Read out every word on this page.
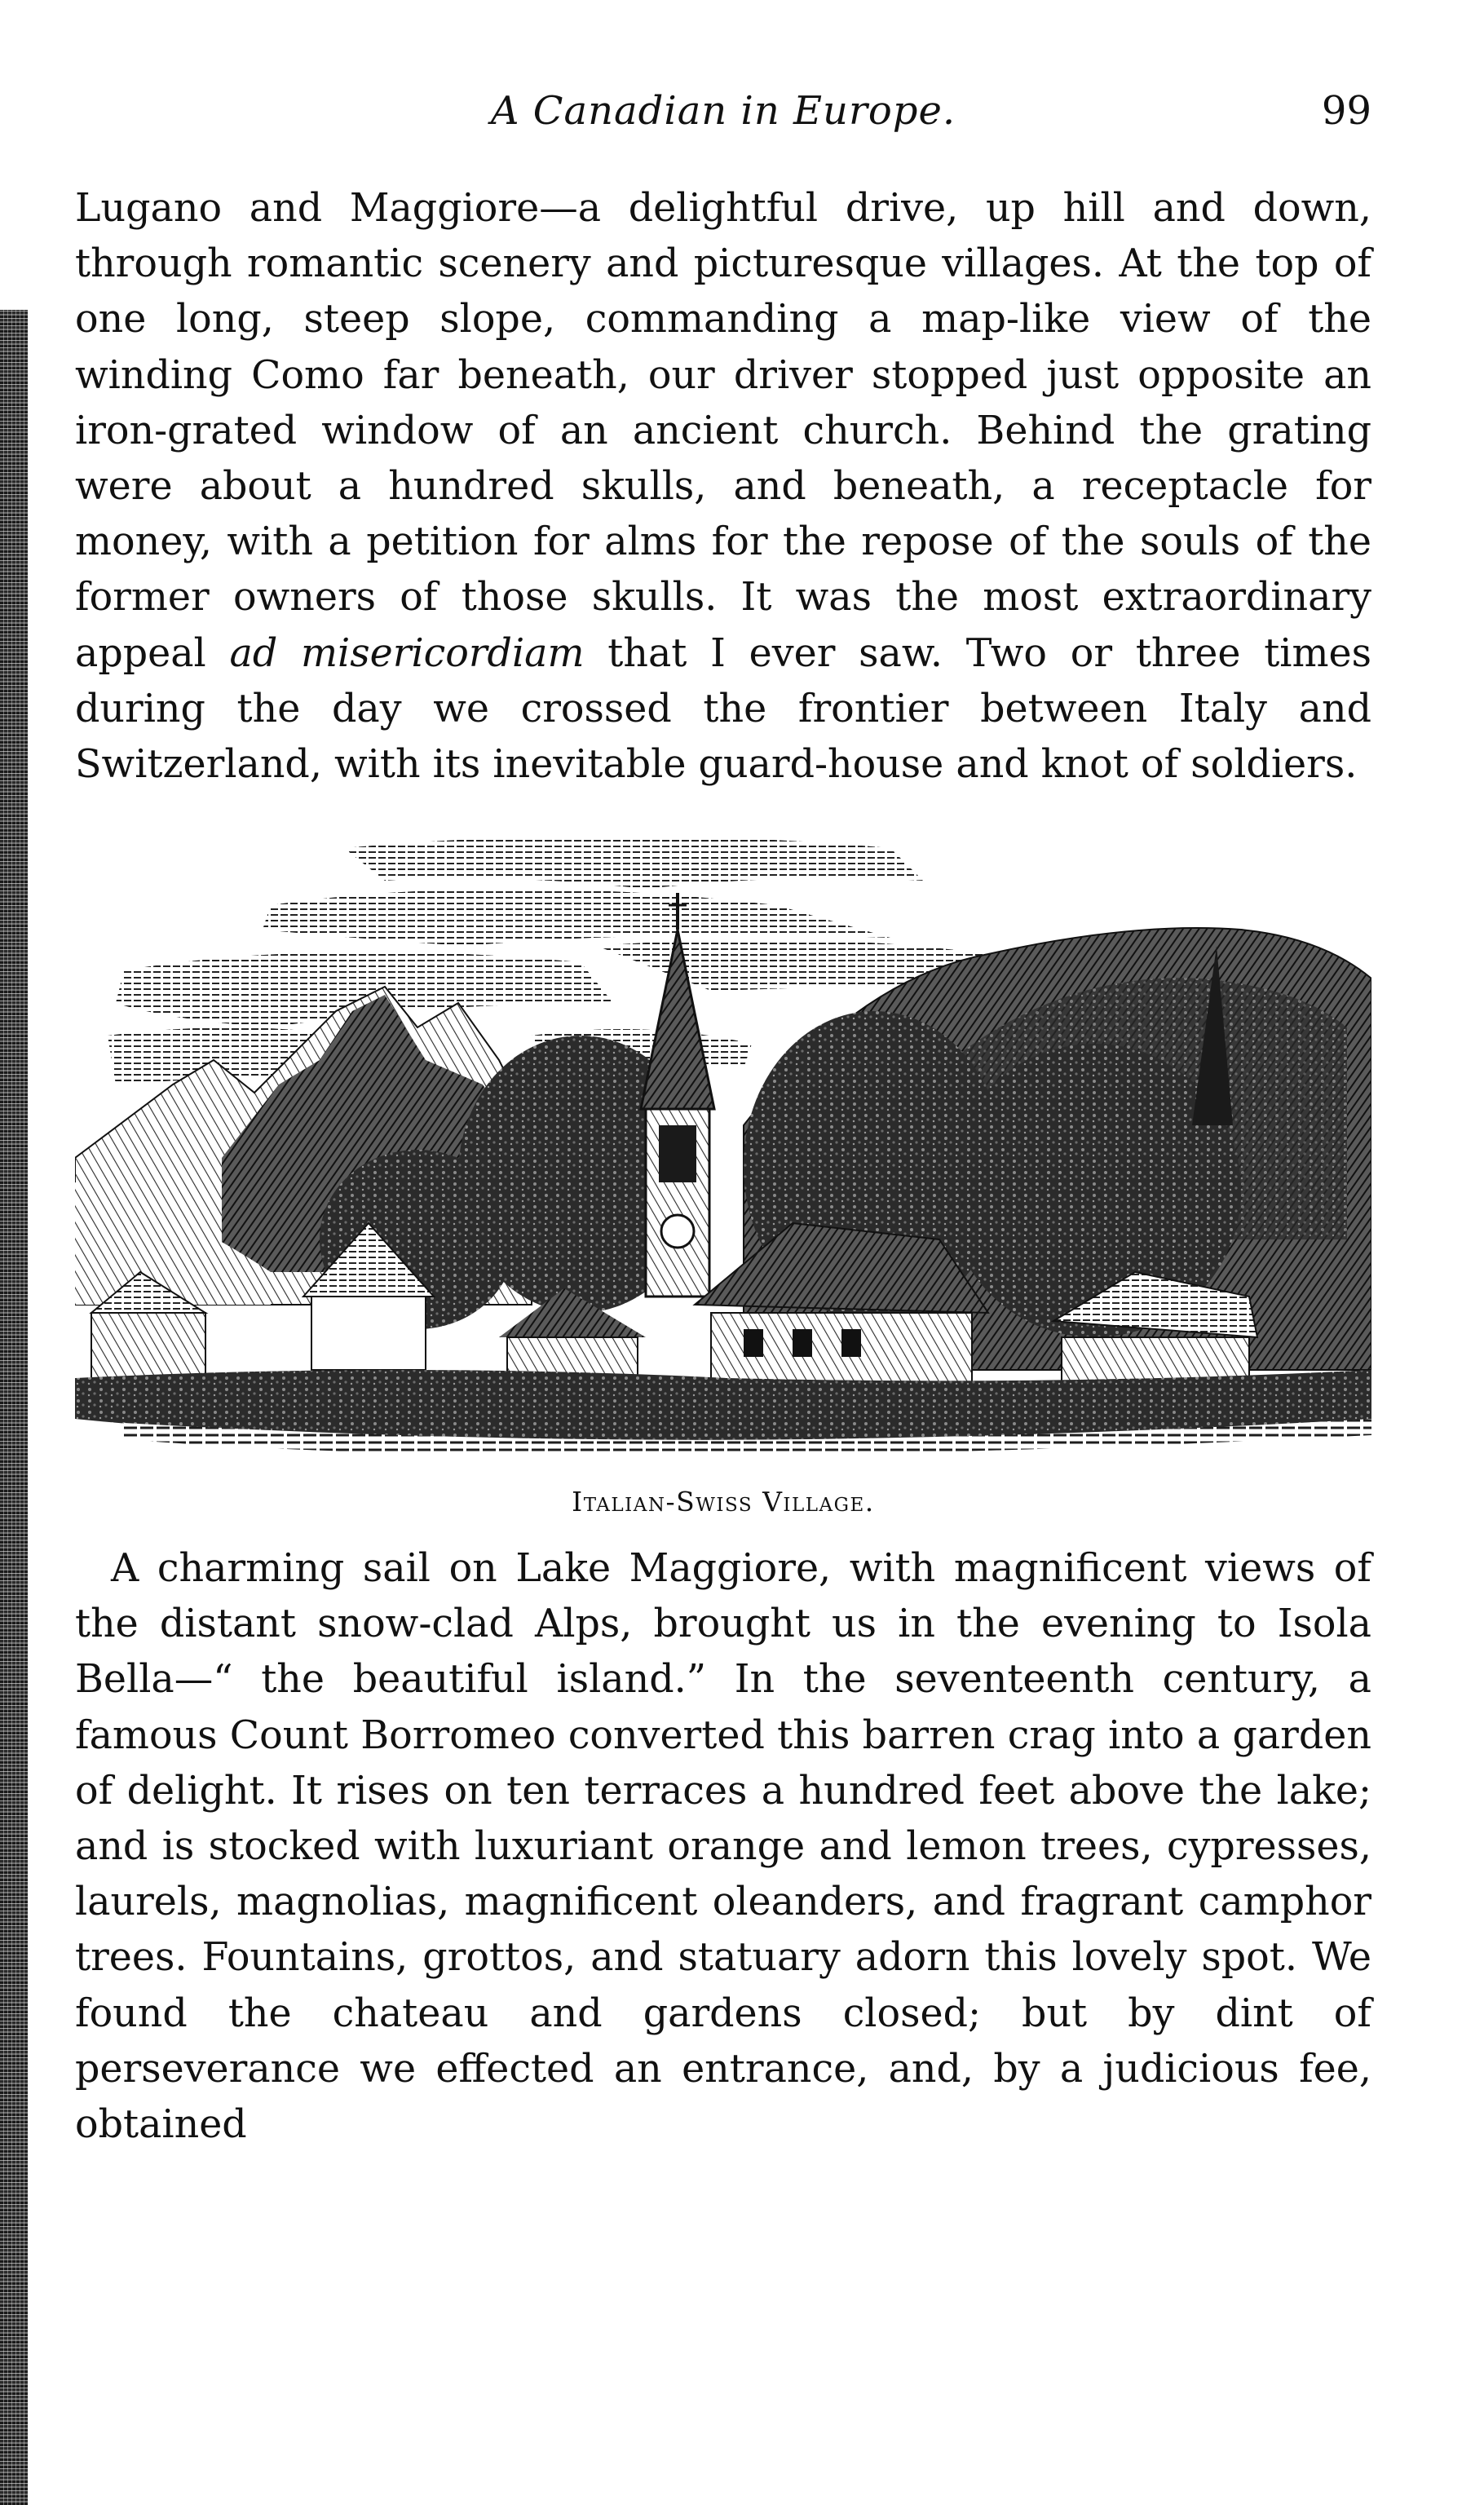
A Canadian in Europe.	99

Lugano and Maggiore—a delightful drive, up hill and down, through romantic scenery and picturesque villages. At the top of one long, steep slope, commanding a map-like view of the winding Como far beneath, our driver stopped just opposite an iron-grated window of an ancient church. Behind the grating were about a hundred skulls, and beneath, a receptacle for money, with a petition for alms for the repose of the souls of the former owners of those skulls. It was the most extraordinary appeal ad misericordiam that I ever saw. Two or three times during the day we crossed the frontier between Italy and Switzerland, with its inevitable guard-house and knot of soldiers.

Italian-Swiss Village.

A charming sail on Lake Maggiore, with magnificent views of the distant snow-clad Alps, brought us in the evening to Isola Bella—“ the beautiful island.” In the seventeenth century, a famous Count Borromeo converted this barren crag into a garden of delight. It rises on ten terraces a hundred feet above the lake; and is stocked with luxuriant orange and lemon trees, cypresses, laurels, magnolias, magnificent oleanders, and fragrant camphor trees. Fountains, grottos, and statuary adorn this lovely spot. We found the chateau and gardens closed; but by dint of perseverance we effected an entrance, and, by a judicious fee, obtained
